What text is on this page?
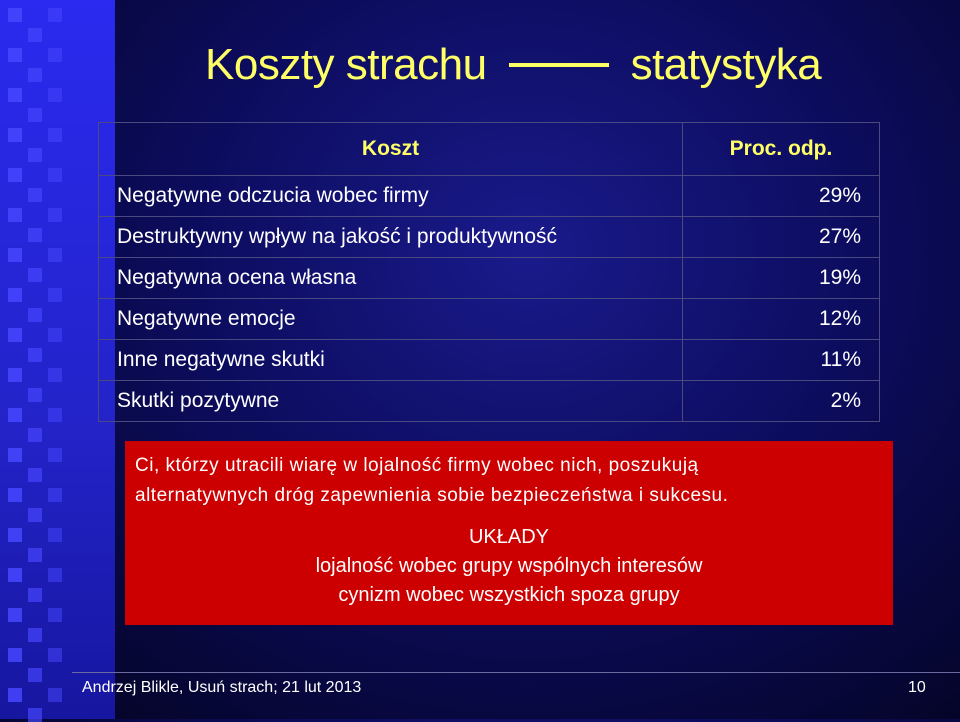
Koszty strachu	statystyka
Koszt	Proc. odp.
Negatywne odczucia wobec firmy	29%
Destruktywny wpływ na jakość i produktywność	27%
Negatywna ocena własna	19%
Negatywne emocje	12%
Inne negatywne skutki	11%
Skutki pozytywne	2%
Ci, którzy utracili wiarę w lojalność firmy wobec nich, poszukują
alternatywnych dróg zapewnienia sobie bezpieczeństwa i sukcesu.
UKŁADY
lojalność wobec grupy wspólnych interesów
cynizm wobec wszystkich spoza grupy
Andrzej Blikle, Usuń strach; 21 lut 2013	10
